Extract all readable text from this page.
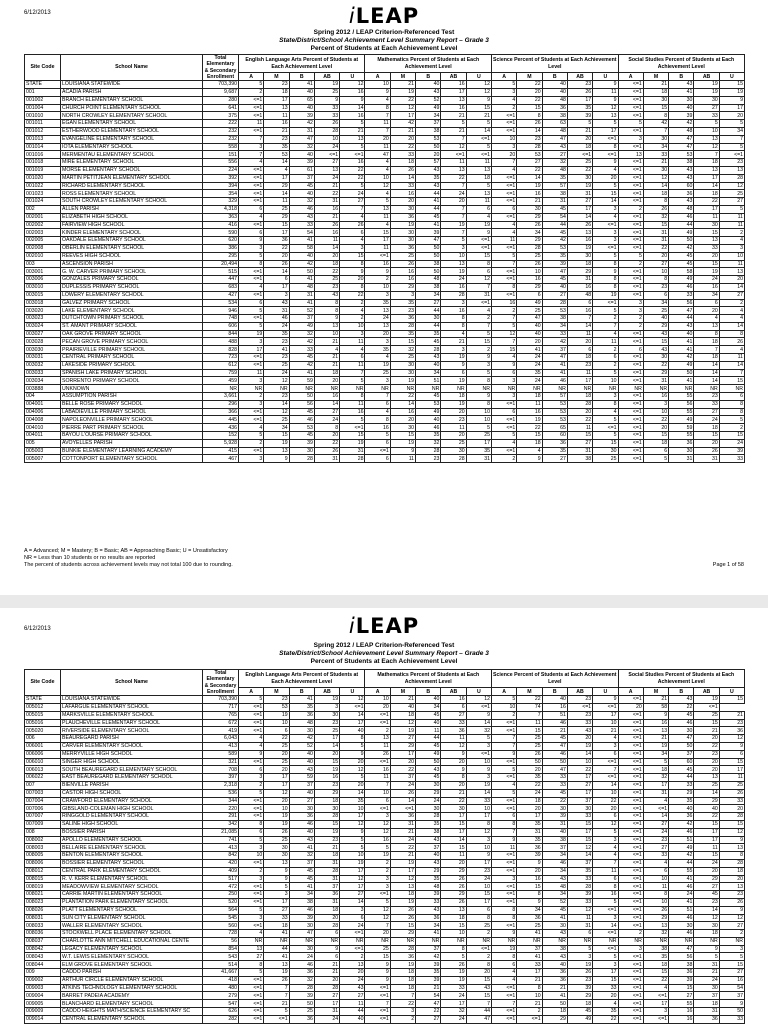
6/12/2013	iLEAP
Spring 2012 / LEAP Criterion-Referenced Test
State/District/School Achievement Level Summary Report – Grade 3
Percent of Students at Each Achievement Level
Site Code	School Name	Total Elementary & Secondary Enrollment	English Language Arts Percent of Students at Each Achievement Level					Mathematics Percent of Students at Each Achievement Level					Science Percent of Students at Each Achievement Level					Social Studies Percent of Students at Each Achievement Level				

			A	M	B	AB	U	A	M	B	AB	U	A	M	B	AB	U	A	M	B	AB	U
STATE	LOUISIANA STATEWIDE	703,390	5	23	41	19	12	10	21	40	16	12	5	22	40	23	9	<=1	21	43	19	15
001	ACADIA PARISH	9,687	2	18	40	25	16	9	19	43	17	12	3	20	40	26	11	<=1	18	41	19	19
001002	BRANCH ELEMENTARY SCHOOL	280	<=1	17	65	9	9	4	22	52	13	9	4	22	48	17	9	<=1	30	30	30	9
001004	CHURCH POINT ELEMENTARY SCHOOL	641	<=1	13	40	33	14	8	12	49	16	15	2	15	36	35	12	<=1	15	40	27	17
001010	NORTH CROWLEY ELEMENTARY SCHOOL	375	<=1	11	39	33	16	7	17	34	21	21	<=1	8	38	39	13	<=1	8	39	33	20
001011	EGAN ELEMENTARY SCHOOL	222	11	16	42	26	5	11	42	37	5	5	<=1	26	63	5	5	5	42	42	5	5
001012	ESTHERWOOD ELEMENTARY SCHOOL	232	<=1	21	31	28	21	7	21	38	21	14	<=1	14	48	21	17	<=1	7	48	10	34
001013	EVANGELINE ELEMENTARY SCHOOL	232	7	23	47	10	13	20	20	53	7	<=1	10	23	47	20	<=1	3	30	47	13	7
001014	IOTA ELEMENTARY SCHOOL	558	3	35	32	24	5	11	22	50	12	5	3	28	43	18	8	<=1	34	47	12	5
001016	MERMENTAU ELEMENTARY SCHOOL	151	7	53	40	<=1	<=1	47	33	20	<=1	<=1	20	53	27	<=1	<=1	13	33	53	7	<=1
001018	MIRE ELEMENTARY SCHOOL	556	4	14	39	27	16	4	18	57	11	11	7	27	32	25	9	<=1	21	38	18	23
001019	MORSE ELEMENTARY SCHOOL	224	<=1	4	61	13	22	4	26	43	13	13	4	22	48	22	4	<=1	30	43	13	13
001020	MARTIN PETITJEAN ELEMENTARY SCHOOL	392	<=1	17	37	24	22	10	14	35	22	18	<=1	14	35	30	20	<=1	12	43	17	28
001022	RICHARD ELEMENTARY SCHOOL	394	<=1	29	45	21	5	12	33	43	7	5	<=1	19	57	19	5	<=1	14	60	14	12
001023	ROSS ELEMENTARY SCHOOL	354	<=1	14	40	22	24	4	16	44	24	13	<=1	16	38	31	15	<=1	18	36	18	25
001024	SOUTH CROWLEY ELEMENTARY SCHOOL	329	<=1	11	32	31	27	5	20	41	20	11	<=1	21	31	27	14	<=1	8	43	22	27
002	ALLEN PARISH	4,318	6	25	46	16	7	13	30	44	7	6	6	30	45	17	3	2	26	48	17	5
002001	ELIZABETH HIGH SCHOOL	363	4	29	43	21	4	11	36	45	7	4	<=1	29	54	14	4	<=1	32	46	11	11
002002	FAIRVIEW HIGH SCHOOL	416	<=1	15	33	26	26	4	19	41	19	19	4	26	44	26	<=1	<=1	15	44	30	11
002003	KINDER ELEMENTARY SCHOOL	590	6	17	54	16	6	15	30	39	7	9	4	34	45	13	3	<=1	31	49	15	2
002005	OAKDALE ELEMENTARY SCHOOL	620	9	36	41	11	4	17	30	47	5	<=1	11	29	42	16	3	<=1	31	50	13	4
002008	OBERLIN ELEMENTARY SCHOOL	386	3	22	58	14	3	11	36	50	3	<=1	<=1	28	53	19	<=1	<=1	22	42	33	3
002010	REEVES HIGH SCHOOL	295	5	20	40	20	15	<=1	25	50	10	15	5	25	35	30	5	5	20	45	20	10
003	ASCENSION PARISH	20,494	8	26	42	18	8	16	26	38	13	8	7	26	39	18	8	2	27	45	15	11
003001	G. W. CARVER PRIMARY SCHOOL	515	<=1	14	50	22	9	9	16	50	19	6	<=1	10	47	29	9	<=1	10	58	19	13
003006	GONZALES PRIMARY SCHOOL	447	<=1	6	41	25	20	2	16	48	24	12	<=1	16	45	31	8	<=1	8	49	24	20
003010	DUPLESSIS PRIMARY SCHOOL	683	4	17	48	23	8	10	29	38	16	7	8	29	40	16	8	<=1	23	46	16	14
003015	LOWERY ELEMENTARY SCHOOL	427	<=1	3	31	43	22	3	3	34	28	31	<=1	6	27	48	19	<=1	6	33	34	27
003018	GALVEZ PRIMARY SCHOOL	534	6	43	41	8	2	35	35	27	3	<=1	16	49	28	6	<=1	3	34	56	6	2
003020	LAKE ELEMENTARY SCHOOL	946	5	31	52	8	4	13	23	44	16	4	2	25	53	16	5	3	25	47	20	4
003023	DUTCHTOWN PRIMARY SCHOOL	748	<=1	46	37	9	2	24	36	30	8	2	7	47	38	7	2	2	40	44	4	4
003024	ST. AMANT PRIMARY SCHOOL	606	5	24	49	13	10	13	28	44	8	7	5	40	34	14	7	2	29	43	13	14
003027	OAK GROVE PRIMARY SCHOOL	844	19	35	32	10	3	20	35	35	4	5	12	40	33	11	4	<=1	43	40	8	8
003028	PECAN GROVE PRIMARY SCHOOL	488	3	23	42	21	11	3	15	45	21	15	7	20	42	20	11	<=1	15	41	18	26
003030	PRAIRIEVILLE PRIMARY SCHOOL	828	17	41	33	4	4	35	32	28	3	2	15	41	37	6	2	6	43	41	7	4
003031	CENTRAL PRIMARY SCHOOL	723	<=1	23	45	21	6	4	25	43	19	9	4	24	47	18	6	<=1	30	42	18	11
003032	LAKESIDE PRIMARY SCHOOL	612	<=1	25	42	21	11	19	30	40	9	3	9	24	41	23	2	<=1	22	49	14	14
003033	SPANISH LAKE PRIMARY SCHOOL	759	11	24	41	18	7	25	30	34	6	5	6	35	41	11	5	<=1	29	50	14	7
003034	SORRENTO PRIMARY SCHOOL	459	3	12	59	20	5	3	19	51	19	8	3	24	46	17	10	<=1	31	41	14	15
003888	UNKNOWN	NR	NR	NR	NR	NR	NR	NR	NR	NR	NR	NR	NR	NR	NR	NR	NR	NR	NR	NR	NR	NR
004	ASSUMPTION PARISH	3,661	2	23	50	16	8	7	22	45	18	9	3	18	57	18	3	<=1	16	55	23	6
004001	BELLE ROSE PRIMARY SCHOOL	296	3	14	56	14	11	6	14	53	19	8	<=1	11	53	28	8	<=1	3	56	33	8
004006	LABADIEVILLE PRIMARY SCHOOL	366	<=1	12	45	27	16	4	16	49	20	10	6	16	53	20	4	<=1	10	55	27	8
004008	NAPOLEONVILLE PRIMARY SCHOOL	445	<=1	25	46	24	5	8	20	40	23	10	<=1	19	53	22	5	<=1	22	49	24	5
004010	PIERRE PART PRIMARY SCHOOL	436	4	34	53	8	<=1	16	30	46	11	5	<=1	22	65	11	<=1	<=1	20	59	18	2
004011	BAYOU L'OURSE PRIMARY SCHOOL	152	5	15	45	20	15	5	15	35	20	25	5	15	60	15	5	<=1	15	55	15	15
005	AVOYELLES PARISH	5,928	2	19	39	22	19	6	19	32	25	17	4	18	36	27	15	<=1	18	36	20	24
005003	BUNKIE ELEMENTARY LEARNING ACADEMY	415	<=1	13	30	26	31	<=1	9	28	30	35	<=1	4	35	31	30	<=1	6	30	26	39
005007	COTTONPORT ELEMENTARY SCHOOL	467	3	9	28	31	28	6	11	23	28	31	2	9	27	38	25	<=1	5	31	31	33
A = Advanced; M = Mastery; B = Basic; AB = Approaching Basic; U = Unsatisfactory
NR = Less than 10 students or no results are reported
The percent of students across achievement levels may not total 100 due to rounding.	Page 1 of 58
6/12/2013	iLEAP
Spring 2012 / LEAP Criterion-Referenced Test
State/District/School Achievement Level Summary Report – Grade 3
Percent of Students at Each Achievement Level
Site Code	School Name	Total Elementary & Secondary Enrollment	English Language Arts Percent of Students at Each Achievement Level					Mathematics Percent of Students at Each Achievement Level					Science Percent of Students at Each Achievement Level					Social Studies Percent of Students at Each Achievement Level				

			A	M	B	AB	U	A	M	B	AB	U	A	M	B	AB	U	A	M	B	AB	U
STATE	LOUISIANA STATEWIDE	703,390	5	23	41	19	12	10	21	40	16	12	5	22	40	23	9	<=1	21	43	19	15
005012	LAFARGUE ELEMENTARY SCHOOL	717	<=1	53	35	3	<=1	20	40	34	6	<=1	10	74	16	<=1	<=1	20	58	22	<=1	
005015	MARKSVILLE ELEMENTARY SCHOOL	765	<=1	19	36	30	14	<=1	18	45	27	9	2	7	51	23	17	<=1	9	45	25	21
005016	PLAUCHEVILLE ELEMENTARY SCHOOL	672	<=1	10	48	23	17	<=1	12	40	33	14	<=1	11	46	33	10	<=1	16	46	15	23
005020	RIVERSIDE ELEMENTARY SCHOOL	419	<=1	6	30	25	40	2	19	11	36	32	<=1	15	21	43	21	<=1	13	30	21	36
006	BEAUREGARD PARISH	6,043	4	22	42	17	8	13	27	44	11	5	7	25	45	20	4	<=1	21	47	20	12
006001	CARVER ELEMENTARY SCHOOL	413	4	25	52	14	5	11	29	45	12	3	7	25	47	19	3	<=1	19	50	22	9
006006	MERRYVILLE HIGH SCHOOL	589	9	20	40	20	9	26	17	49	9	<=1	9	26	46	14	6	<=1	34	37	23	6
006010	SINGER HIGH SCHOOL	321	<=1	25	40	15	20	<=1	20	50	20	10	<=1	50	50	10	<=1	<=1	5	60	20	15
006013	SOUTH BEAUREGARD ELEMENTARY SCHOOL	708	6	20	43	19	12	16	22	43	9	9	5	20	47	22	7	<=1	18	45	20	17
006022	EAST BEAUREGARD ELEMENTARY SCHOOL	397	3	17	59	16	5	11	37	45	8	3	<=1	35	33	17	<=1	<=1	32	44	13	11
007	BIENVILLE PARISH	2,318	2	17	37	23	20	7	24	30	20	19	4	22	33	27	14	<=1	17	33	25	25
007003	CASTOR HIGH SCHOOL	536	5	12	40	29	14	10	26	29	21	14	5	24	45	17	10	<=1	31	29	14	26
007004	CRAWFORD ELEMENTARY SCHOOL	344	<=1	20	27	18	35	6	14	24	22	33	<=1	18	22	37	22	<=1	4	35	29	33
007006	GIBSLAND-COLEMAN HIGH SCHOOL	220	<=1	10	30	30	10	<=1	<=1	30	30	10	<=1	20	30	30	20	<=1	<=1	40	40	20
007007	RINGGOLD ELEMENTARY SCHOOL	291	<=1	19	36	28	17	3	36	28	17	17	6	17	39	33	6	<=1	14	36	22	28
007009	SALINE HIGH SCHOOL	342	8	19	46	15	12	12	31	35	15	8	8	35	31	15	12	<=1	27	42	15	15
008	BOSSIER PARISH	21,085	6	26	40	19	9	12	21	38	17	12	7	31	40	17	5	<=1	24	46	17	12
008002	APOLLO ELEMENTARY SCHOOL	741	5	25	43	23	5	16	24	43	14	3	9	35	38	15	3	<=1	23	51	17	9
008003	BELLAIRE ELEMENTARY SCHOOL	413	3	30	41	21	5	5	22	37	15	10	11	36	37	12	4	<=1	27	49	11	13
008005	BENTON ELEMENTARY SCHOOL	842	10	30	32	18	10	19	21	40	11	9	<=1	39	34	14	4	<=1	33	42	15	8
008006	BOSSIER ELEMENTARY SCHOOL	420	<=1	13	37	31	19	2	19	43	20	17	<=1	9	46	37	7	<=1	4	44	24	28
008012	CENTRAL PARK ELEMENTARY SCHOOL	409	2	9	45	28	17	2	17	29	29	23	<=1	20	34	35	11	<=1	6	55	20	18
008015	R. V. KERR ELEMENTARY SCHOOL	517	3	9	45	31	12	3	12	35	26	24	3	16	43	33	6	<=1	10	41	29	20
008019	MEADOWVIEW ELEMENTARY SCHOOL	472	<=1	5	41	37	17	3	13	48	26	10	<=1	15	48	28	8	<=1	11	46	27	13
008021	CARRIE MARTIN ELEMENTARY SCHOOL	250	<=1	3	34	36	27	<=1	18	39	29	15	<=1	8	34	39	16	<=1	8	24	45	23
008023	PLANTATION PARK ELEMENTARY SCHOOL	520	<=1	17	38	31	14	5	19	33	26	17	<=1	9	52	33	5	<=1	10	41	23	26
008026	PLATT ELEMENTARY SCHOOL	564	5	27	46	18	3	12	26	43	13	6	8	34	45	12	<=1	<=1	26	51	14	9
008031	SUN CITY ELEMENTARY SCHOOL	545	3	33	39	20	6	12	26	36	18	8	8	36	41	11	3	<=1	29	46	12	12
008033	WALLER ELEMENTARY SCHOOL	560	<=1	18	30	28	24	7	15	34	15	25	<=1	25	30	31	14	<=1	13	30	30	27
008036	STOCKWELL PLACE ELEMENTARY SCHOOL	728	4	41	47	6	<=1	20	29	41	10	2	9	41	43	6	<=1	2	32	46	18	2
008037	CHARLOTTE ANN MITCHELL EDUCATIONAL CENTE	56	NR	NR	NR	NR	NR	NR	NR	NR	NR	NR	NR	NR	NR	NR	NR	NR	NR	NR	NR	NR
008042	LEGACY ELEMENTARY SCHOOL	854	13	44	30	9	<=1	25	28	37	8	<=1	19	37	38	5	<=1	3	38	47	9	3
008043	W.T. LEWIS ELEMENTARY SCHOOL	543	27	41	24	6	2	15	36	42	5	2	8	41	43	3	5	<=1	35	56	5	5
008044	ELM GROVE ELEMENTARY SCHOOL	514	8	13	46	21	13	9	19	39	26	8	6	33	40	19	3	<=1	18	38	31	15
009	CADDO PARISH	41,667	5	19	36	21	20	9	18	35	19	20	4	17	36	26	17	<=1	15	36	21	27
009002	ARTHUR CIRCLE ELEMENTARY SCHOOL	418	<=1	26	32	20	24	9	18	39	19	15	4	21	36	23	15	<=1	22	39	24	16
009003	ATKINS TECHNOLOGY ELEMENTARY SCHOOL	480	<=1	7	28	28	43	<=1	18	21	33	43	<=1	8	21	39	33	<=1	4	15	30	54
009004	BARRET PADEIA ACADEMY	279	<=1	7	39	27	27	<=1	7	54	24	15	<=1	10	41	29	20	<=1	<=1	27	37	37
009005	BLANCHARD ELEMENTARY SCHOOL	547	<=1	21	50	17	11	7	22	47	17	7	7	21	50	18	4	<=1	17	55	18	9
009009	CADDO HEIGHTS MATH/SCIENCE ELEMENTARY SC	626	<=1	5	25	31	44	<=1	3	22	32	44	<=1	2	18	45	35	<=1	3	16	31	50
009014	CENTRAL ELEMENTARY SCHOOL	282	<=1	<=1	36	24	40	<=1	2	27	24	47	<=1	<=1	29	49	22	<=1	<=1	16	36	33
